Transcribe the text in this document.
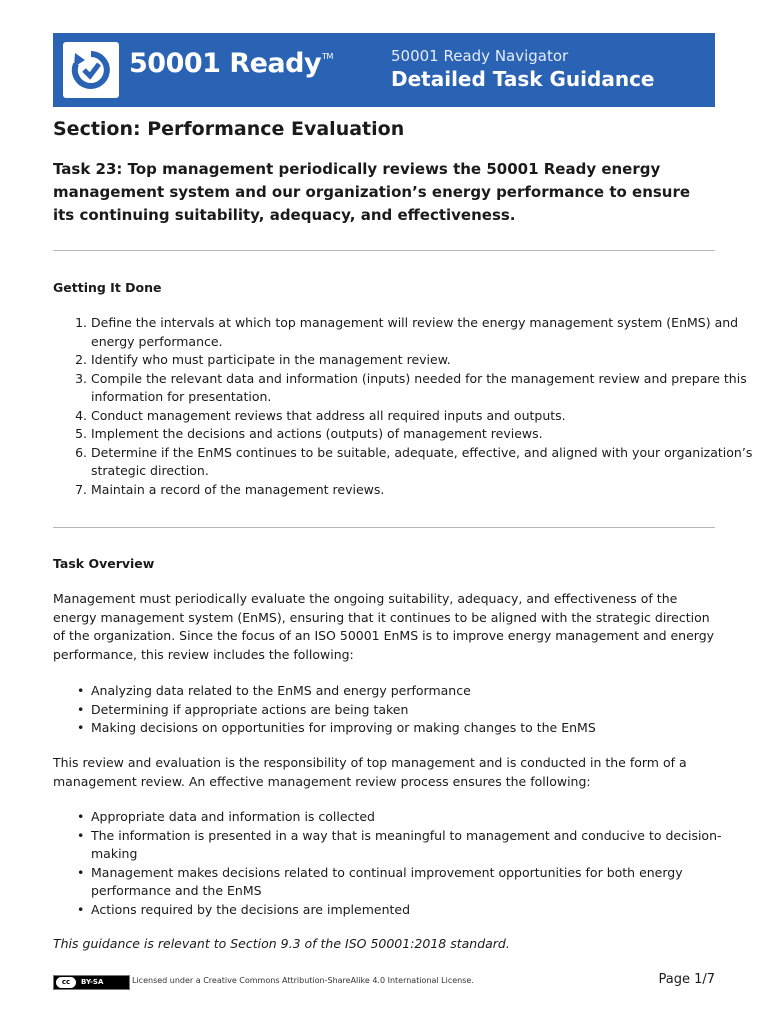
50001 Ready™	50001 Ready Navigator
Detailed Task Guidance
Section: Performance Evaluation
Task 23: Top management periodically reviews the 50001 Ready energy management system and our organization’s energy performance to ensure its continuing suitability, adequacy, and effectiveness.
Getting It Done
1. Define the intervals at which top management will review the energy management system (EnMS) and energy performance.
2. Identify who must participate in the management review.
3. Compile the relevant data and information (inputs) needed for the management review and prepare this information for presentation.
4. Conduct management reviews that address all required inputs and outputs.
5. Implement the decisions and actions (outputs) of management reviews.
6. Determine if the EnMS continues to be suitable, adequate, effective, and aligned with your organization’s strategic direction.
7. Maintain a record of the management reviews.
Task Overview

Management must periodically evaluate the ongoing suitability, adequacy, and effectiveness of the energy management system (EnMS), ensuring that it continues to be aligned with the strategic direction of the organization. Since the focus of an ISO 50001 EnMS is to improve energy management and energy performance, this review includes the following:

• Analyzing data related to the EnMS and energy performance
• Determining if appropriate actions are being taken
• Making decisions on opportunities for improving or making changes to the EnMS

This review and evaluation is the responsibility of top management and is conducted in the form of a management review. An effective management review process ensures the following:

• Appropriate data and information is collected
• The information is presented in a way that is meaningful to management and conducive to decision-making
• Management makes decisions related to continual improvement opportunities for both energy performance and the EnMS
• Actions required by the decisions are implemented

This guidance is relevant to Section 9.3 of the ISO 50001:2018 standard.

cc	BY-SA	Licensed under a Creative Commons Attribution-ShareAlike 4.0 International License.	Page 1/7
